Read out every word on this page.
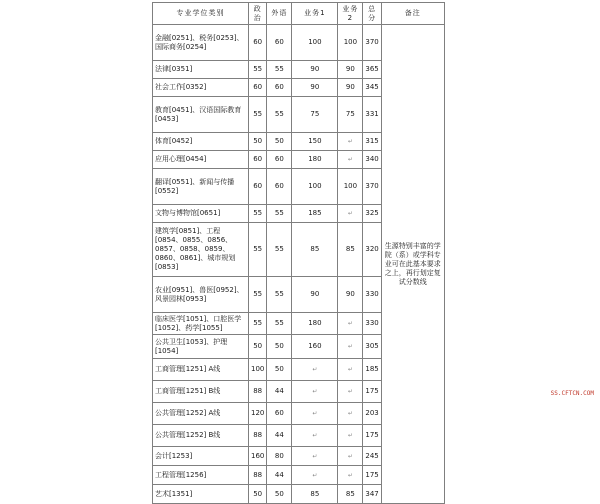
专业学位类别	政治	外语	业务1	业务2	总分	备注
金融[0251]、税务[0253]、国际商务[0254]	60	60	100	100	370	生源特别丰富的学院（系）或学科专业可在此基本要求之上，再行划定复试分数线
法律[0351]	55	55	90	90	365	
社会工作[0352]	60	60	90	90	345	
教育[0451]、汉语国际教育[0453]	55	55	75	75	331	
体育[0452]	50	50	150	↵	315	
应用心理[0454]	60	60	180	↵	340	
翻译[0551]、新闻与传播[0552]	60	60	100	100	370	
文物与博物馆[0651]	55	55	185	↵	325	
建筑学[0851]、工程[0854、0855、0856、0857、0858、0859、0860、0861]、城市规划[0853]	55	55	85	85	320	
农业[0951]、兽医[0952]、风景园林[0953]	55	55	90	90	330	
临床医学[1051]、口腔医学[1052]、药学[1055]	55	55	180	↵	330	
公共卫生[1053]、护理[1054]	50	50	160	↵	305	
工商管理[1251] A线	100	50	↵	↵	185	
工商管理[1251] B线	88	44	↵	↵	175	
公共管理[1252] A线	120	60	↵	↵	203	
公共管理[1252] B线	88	44	↵	↵	175	
会计[1253]	160	80	↵	↵	245	
工程管理[1256]	88	44	↵	↵	175	
艺术[1351]	50	50	85	85	347	
SS.CFTCN.COM
